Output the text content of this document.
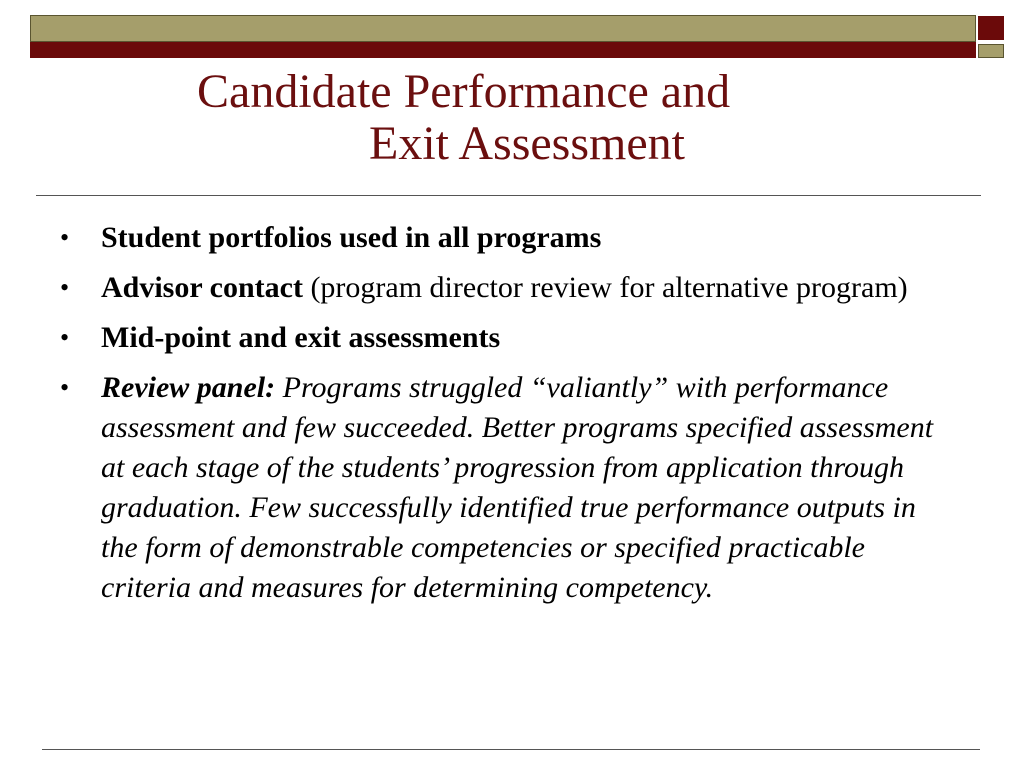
Candidate Performance and
Exit Assessment
• Student portfolios used in all programs
• Advisor contact (program director review for alternative program)
• Mid-point and exit assessments
• Review panel: Programs struggled “valiantly” with performance assessment and few succeeded. Better programs specified assessment at each stage of the students’ progression from application through graduation. Few successfully identified true performance outputs in the form of demonstrable competencies or specified practicable criteria and measures for determining competency.
